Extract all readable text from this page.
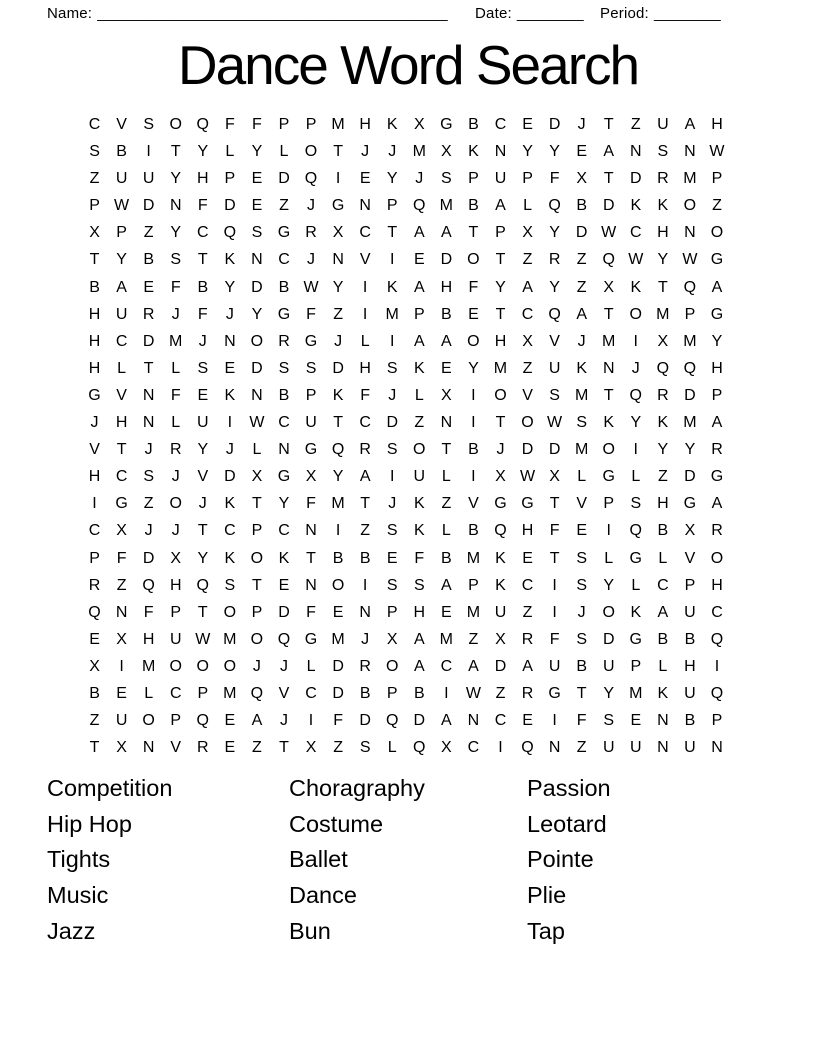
Name: __________________________________________ Date: ________ Period: ________
Dance Word Search
C V	S O Q F	F	P	P M H K	X G B C E D	J	T	Z	U A H
S	B	I	T	Y	L	Y	L	O T	J	J	M X	K N Y	Y	E	A N S N W
Z	U U Y H P	E D Q	I	E	Y	J	S	P U P	F	X	T	D R M P
P W D N	F	D E	Z	J	G N P Q M B	A	L	Q B D K	K O Z
X	P	Z	Y C Q S G R X C	T	A	A	T	P	X	Y D W C H N O
T	Y	B	S	T	K N C	J	N V	I	E D O T	Z	R	Z Q W Y W G
B	A	E	F	B	Y D B W Y	I	K	A H	F	Y	A	Y	Z	X	K	T Q A
H U R	J	F	J	Y G F	Z	I	M P	B	E	T	C Q A	T O M P G
H C D M	J	N O R G	J	L	I	A	A O H X	V	J	M	I	X M Y
H	L	T	L	S	E D S	S D H S	K	E	Y M Z	U K N	J	Q Q H
G V N	F	E	K N B	P	K	F	J	L	X	I	O V	S M T Q R D P
J	H N	L	U	I	W C U	T	C D	Z	N	I	T O W S	K	Y	K M A
V	T	J	R Y	J	L	N G Q R S O T	B	J	D D M O	I	Y	Y R
H C S	J	V D X G X	Y	A	I	U	L	I	X W X	L	G	L	Z	D G
I	G Z O	J	K	T	Y	F M T	J	K	Z	V G G T	V	P	S H G A
C X	J	J	T	C P C N	I	Z	S	K	L	B Q H	F	E	I	Q B	X R
P	F	D X	Y	K O K	T	B	B	E	F	B M K	E	T	S	L	G	L	V O
R	Z Q H Q S	T	E N O	I	S	S	A	P	K C	I	S	Y	L	C P H
Q N	F	P	T O P D	F	E N P H E M U	Z	I	J	O K	A U C
E	X H U W M O Q G M	J	X	A M Z	X R	F	S D G B	B Q
X	I	M O O O	J	J	L	D R O A C A D A U B U P	L	H	I
B	E	L	C P M Q V C D B	P	B	I	W Z	R G T	Y M K U Q
Z	U O P Q E	A	J	I	F	D Q D A N C E	I	F	S	E N B	P
T	X N V R E	Z	T	X	Z	S	L	Q X C	I	Q N	Z	U U N U N
Competition
Hip Hop
Tights
Music
Jazz
Choragraphy
Costume
Ballet
Dance
Bun
Passion
Leotard
Pointe
Plie
Tap
